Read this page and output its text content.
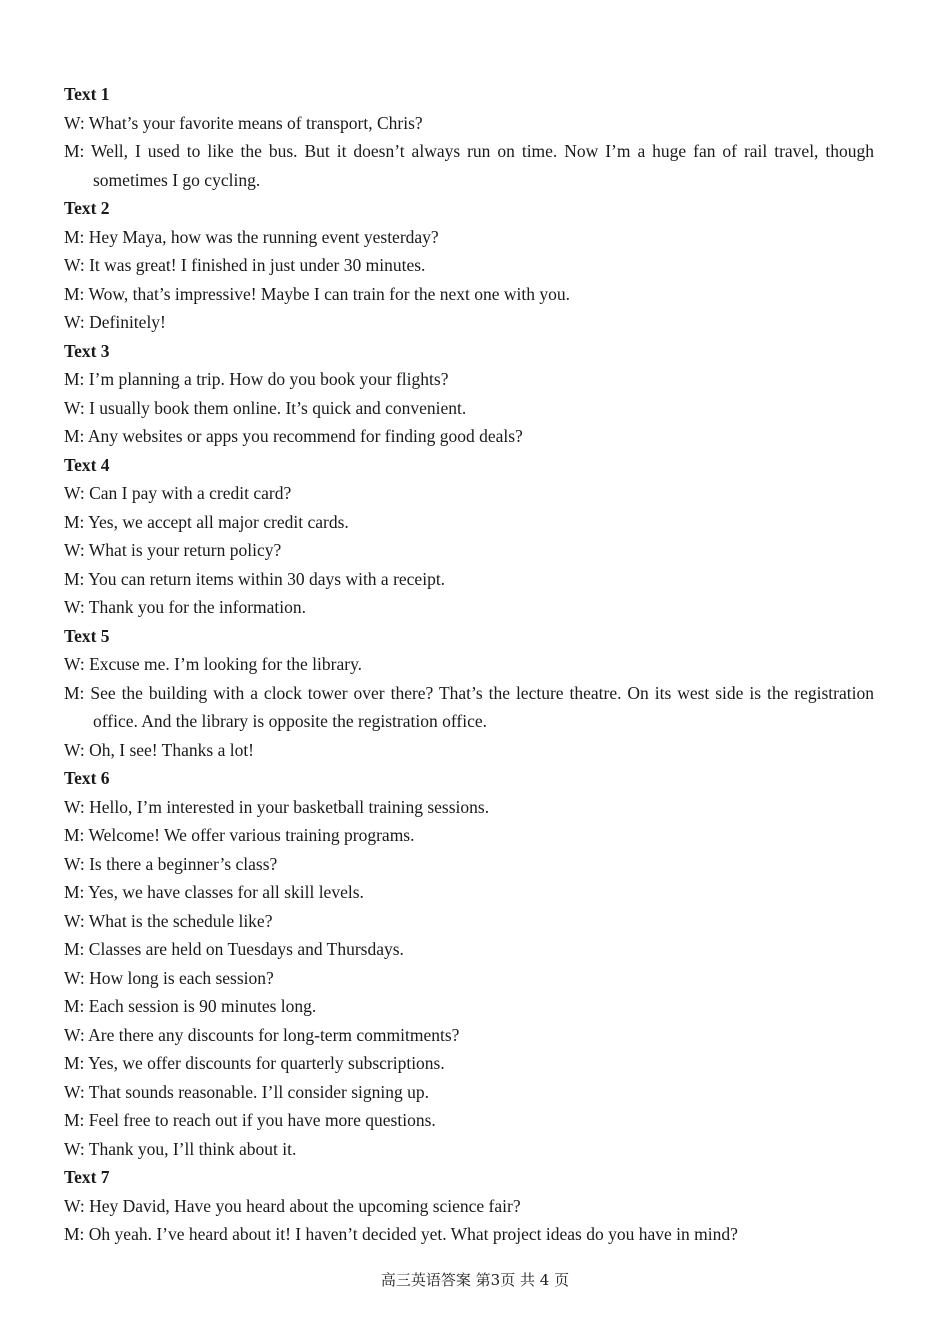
Text 1
W: What’s your favorite means of transport, Chris?
M: Well, I used to like the bus. But it doesn’t always run on time. Now I’m a huge fan of rail travel, though sometimes I go cycling.
Text 2
M: Hey Maya, how was the running event yesterday?
W: It was great! I finished in just under 30 minutes.
M: Wow, that’s impressive! Maybe I can train for the next one with you.
W: Definitely!
Text 3
M: I’m planning a trip. How do you book your flights?
W: I usually book them online. It’s quick and convenient.
M: Any websites or apps you recommend for finding good deals?
Text 4
W: Can I pay with a credit card?
M: Yes, we accept all major credit cards.
W: What is your return policy?
M: You can return items within 30 days with a receipt.
W: Thank you for the information.
Text 5
W: Excuse me. I’m looking for the library.
M: See the building with a clock tower over there? That’s the lecture theatre. On its west side is the registration office. And the library is opposite the registration office.
W: Oh, I see! Thanks a lot!
Text 6
W: Hello, I’m interested in your basketball training sessions.
M: Welcome! We offer various training programs.
W: Is there a beginner’s class?
M: Yes, we have classes for all skill levels.
W: What is the schedule like?
M: Classes are held on Tuesdays and Thursdays.
W: How long is each session?
M: Each session is 90 minutes long.
W: Are there any discounts for long-term commitments?
M: Yes, we offer discounts for quarterly subscriptions.
W: That sounds reasonable. I’ll consider signing up.
M: Feel free to reach out if you have more questions.
W: Thank you, I’ll think about it.
Text 7
W: Hey David, Have you heard about the upcoming science fair?
M: Oh yeah. I’ve heard about it! I haven’t decided yet. What project ideas do you have in mind?
高三英语答案 第3页 共 4 页
